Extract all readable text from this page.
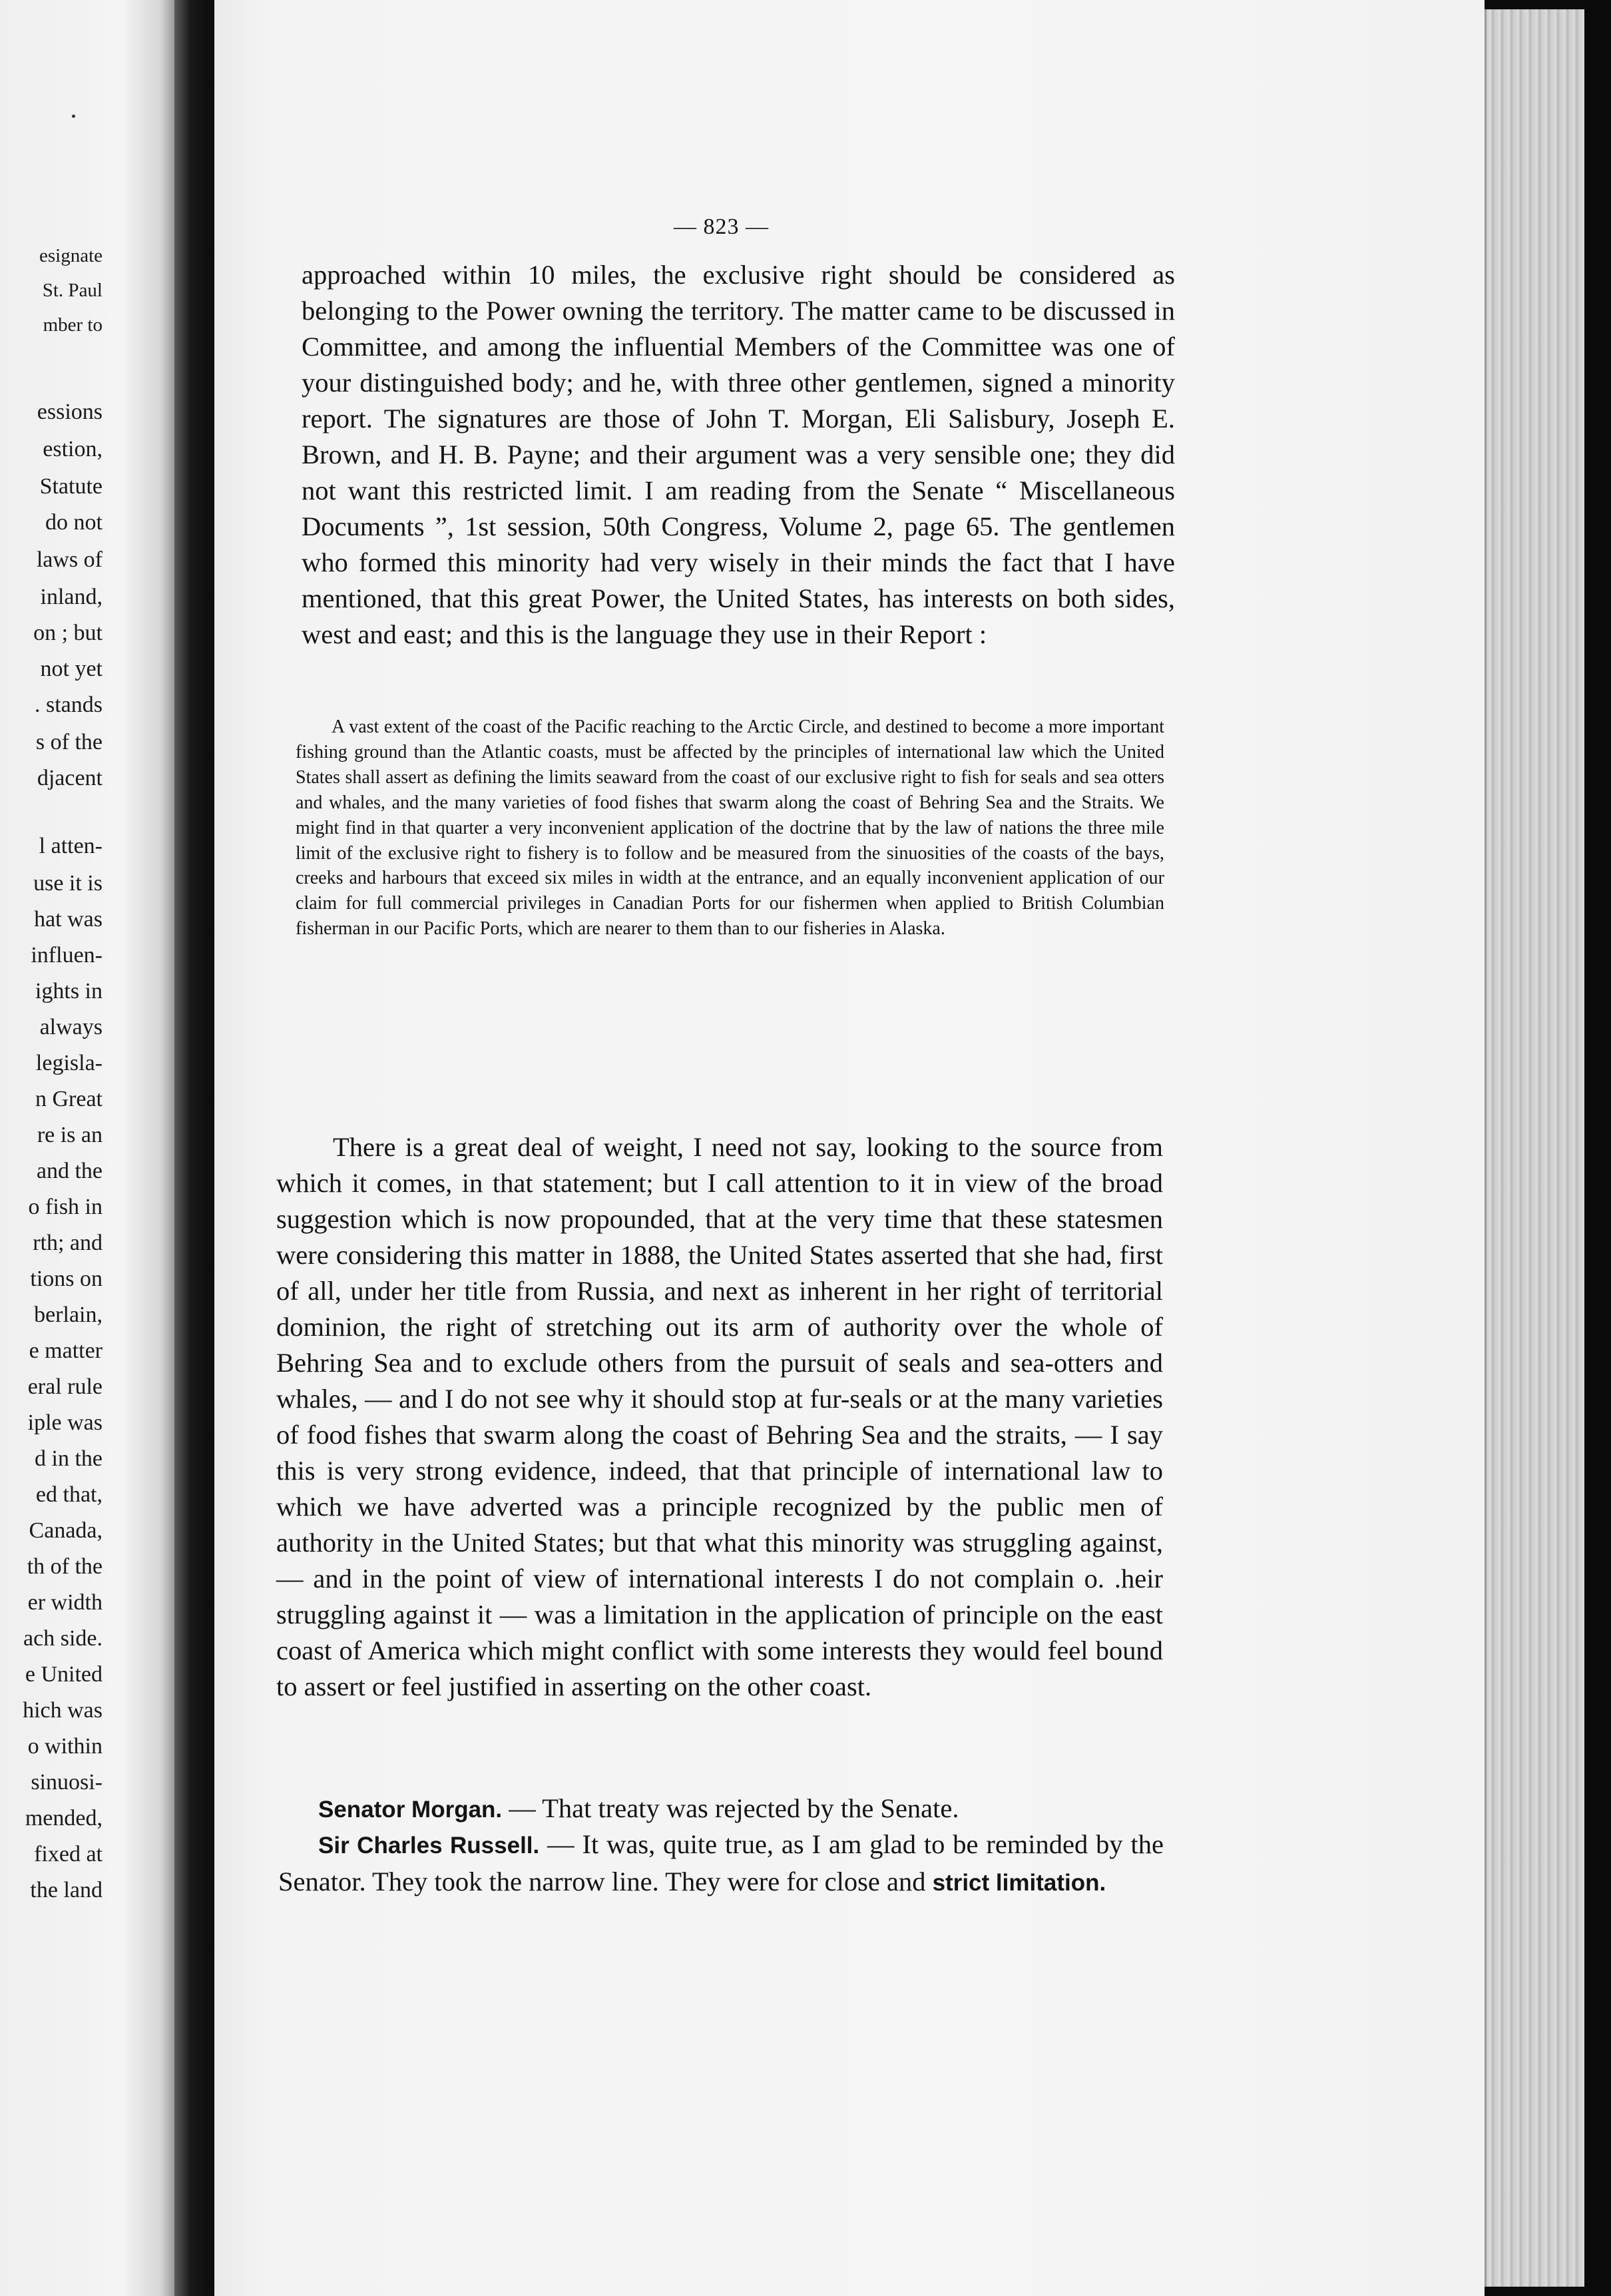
esignate
St. Paul
mber to
essions
estion,
Statute
do not
laws of
inland,
on ; but
not yet
. stands
s of the
djacent
l atten-
use it is
hat was
influen-
ights in
always
legisla-
n Great
re is an
and the
o fish in
rth; and
tions on
berlain,
e matter
eral rule
iple was
d in the
ed that,
Canada,
th of the
er width
ach side.
e United
hich was
o within
sinuosi-
mended,
fixed at
the land
— 823 —

approached within 10 miles, the exclusive right should be considered as belonging to the Power owning the territory. The matter came to be discussed in Committee, and among the influential Members of the Committee was one of your distinguished body; and he, with three other gentlemen, signed a minority report. The signatures are those of John T. Morgan, Eli Salisbury, Joseph E. Brown, and H. B. Payne; and their argument was a very sensible one; they did not want this restricted limit. I am reading from the Senate “ Miscellaneous Documents ”, 1st session, 50th Congress, Volume 2, page 65. The gentlemen who formed this minority had very wisely in their minds the fact that I have mentioned, that this great Power, the United States, has interests on both sides, west and east; and this is the language they use in their Report :

A vast extent of the coast of the Pacific reaching to the Arctic Circle, and destined to become a more important fishing ground than the Atlantic coasts, must be affected by the principles of international law which the United States shall assert as defining the limits seaward from the coast of our exclusive right to fish for seals and sea otters and whales, and the many varieties of food fishes that swarm along the coast of Behring Sea and the Straits. We might find in that quarter a very inconvenient application of the doctrine that by the law of nations the three mile limit of the exclusive right to fishery is to follow and be measured from the sinuosities of the coasts of the bays, creeks and harbours that exceed six miles in width at the entrance, and an equally inconvenient application of our claim for full commercial privileges in Canadian Ports for our fishermen when applied to British Columbian fisherman in our Pacific Ports, which are nearer to them than to our fisheries in Alaska.

There is a great deal of weight, I need not say, looking to the source from which it comes, in that statement; but I call attention to it in view of the broad suggestion which is now propounded, that at the very time that these statesmen were considering this matter in 1888, the United States asserted that she had, first of all, under her title from Russia, and next as inherent in her right of territorial dominion, the right of stretching out its arm of authority over the whole of Behring Sea and to exclude others from the pursuit of seals and sea-otters and whales, — and I do not see why it should stop at fur-seals or at the many varieties of food fishes that swarm along the coast of Behring Sea and the straits, — I say this is very strong evidence, indeed, that that principle of international law to which we have adverted was a principle recognized by the public men of authority in the United States; but that what this minority was struggling against, — and in the point of view of international interests I do not complain o. .heir struggling against it — was a limitation in the application of principle on the east coast of America which might conflict with some interests they would feel bound to assert or feel justified in asserting on the other coast.

Senator Morgan. — That treaty was rejected by the Senate.

Sir Charles Russell. — It was, quite true, as I am glad to be reminded by the Senator. They took the narrow line. They were for close and strict limitation.
